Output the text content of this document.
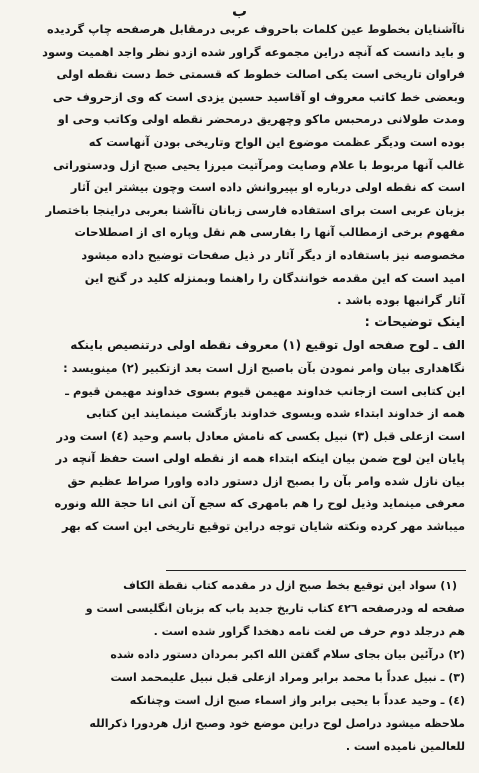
ب
ناآشنایان بخطوط عین کلمات باحروف عربی درمقابل هرصفحه چاپ گردیده
و باید دانست که آنچه دراین مجموعه گراور شده ازدو نظر واجد اهمیت وسود
فراوان تاریخی است یکی اصالت خطوط که قسمتی خط دست نقطه اولی
وبعضی خط کاتب معروف او آقاسید حسین یزدی است که وی ازحروف حی
ومدت طولانی درمحبس ماکو وچهریق درمحضر نقطه اولی وکاتب وحی او
بوده است ودیگر عظمت موضوع این الواح وتاریخی بودن آنهاست که
غالب آنها مربوط با علام وصایت ومرآتیت میرزا یحیی صبح ازل ودستوراتی
است که نقطه اولی درباره او بپیروانش داده است وچون بیشتر این آثار
بزبان عربی است برای استفاده فارسی زبانان ناآشنا بعربی دراینجا باختصار
مفهوم برخی ازمطالب آنها را بفارسی هم نقل وپاره ای از اصطلاحات
مخصوصه نیز باستفاده از دیگر آثار در ذیل صفحات توضیح داده میشود
امید است که این مقدمه خوانندگان را راهنما وبمنزله کلید در گنج این
آثار گرانبها بوده باشد .
اینک توضیحات :
الف ـ لوح صفحه اول توقیع (١) معروف نقطه اولی درتنصیص باینکه
نگاهداری بیان وامر نمودن بآن باصبح ازل است بعد ازتکبیر (٢) مینویسد :
این کتابی است ازجانب خداوند مهیمن قیوم بسوی خداوند مهیمن قیوم ـ
همه از خداوند ابتداء شده وبسوی خداوند بازگشت مینمایند این کتابی
است ازعلی قبل (٣) نبیل بکسی که نامش معادل باسم وحید (٤) است ودر
پایان این لوح ضمن بیان اینکه ابتداء همه از نقطه اولی است حفظ آنچه در
بیان نازل شده وامر بآن را بصبح ازل دستور داده واورا صراط عظیم حق
معرفی مینماید وذیل لوح را هم بامهری که سجع آن انی انا حجة الله ونوره
میباشد مهر کرده ونکته شایان توجه دراین توقیع تاریخی این است که بهر
(١) سواد این توقیع بخط صبح ازل در مقدمه کتاب نقطة الکاف
صفحه له ودرصفحه ٤٢٦ کتاب تاریخ جدید باب که بزبان انگلیسی است و
هم درجلد دوم حرف ص لغت نامه دهخدا گراور شده است .
(٢) درآئین بیان بجای سلام گفتن الله اکبر بمردان دستور داده شده
(٣) ـ نبیل عدداً با محمد برابر ومراد ازعلی قبل نبیل علیمحمد است
(٤) ـ وحید عدداً با یحیی برابر واز اسماء صبح ازل است وچنانکه
ملاحظه میشود دراصل لوح دراین موضع خود وصبح ازل هردورا ذکرالله
للعالمین نامیده است .
